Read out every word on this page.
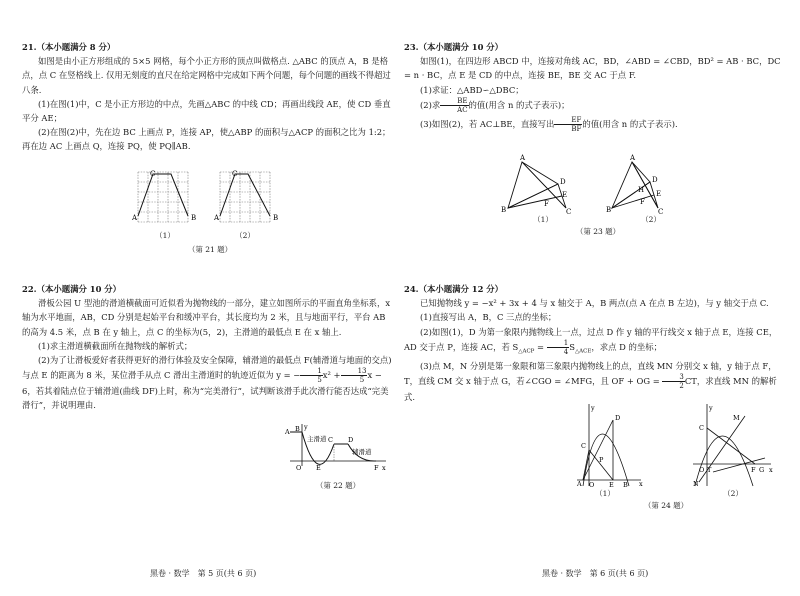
21.（本小题满分 8 分）

如图是由小正方形组成的 5×5 网格，每个小正方形的顶点叫做格点. △ABC 的顶点 A，B 是格点，点 C 在竖格线上. 仅用无刻度的直尺在给定网格中完成如下两个问题，每个问题的画线不得超过八条.

(1)在图(1)中，C 是小正方形边的中点，先画△ABC 的中线 CD；再画出线段 AE，使 CD 垂直平分 AE；

(2)在图(2)中，先在边 BC 上画点 P，连接 AP，使△ABP 的面积与△ACP 的面积之比为 1:2；再在边 AC 上画点 Q，连接 PQ，使 PQ∥AB.

A
C
B	A
C
B
（1）	（2）
（第 21 题）

22.（本小题满分 10 分）

滑板公园 U 型池的滑道横截面可近似看为抛物线的一部分，建立如图所示的平面直角坐标系，x 轴为水平地面，AB，CD 分别是起始平台和缓冲平台，其长度均为 2 米，且与地面平行，平台 AB 的高为 4.5 米，点 B 在 y 轴上，点 C 的坐标为(5，2)，主滑道的最低点 E 在 x 轴上.

(1)求主滑道横截面所在抛物线的解析式；

(2)为了让滑板爱好者获得更好的滑行体验及安全保障，辅滑道的最低点 F(辅滑道与地面的交点)与点 E 的距离为 8 米，某位滑手从点 C 滑出主滑道时的轨迹近似为 y = − $\frac{1}{5} x^2 + \frac{13}{5}$ x − 6，若其着陆点位于辅滑道(曲线 DF)上时，称为“完美滑行”，试判断该滑手此次滑行能否达成“完美滑行”，并说明理由.

A B
C D
E	F
O	x
y
主滑道
辅滑道
（第 22 题）
黑卷 · 数学　第 5 页(共 6 页)

23.（本小题满分 10 分）

如图(1)，在四边形 ABCD 中，连接对角线 AC，BD，∠ABD = ∠CBD，BD² = AB · BC，DC = n · BC，点 E 是 CD 的中点，连接 BE，BE 交 AC 于点 F.

(1)求证：△ABD∽△DBC；

(2)求 $\frac{BE}{AC}$ 的值(用含 n 的式子表示)；

(3)如图(2)，若 AC⊥BE，直接写出 $\frac{EF}{BF}$ 的值(用含 n 的式子表示).

A
B	C
D
E
F
A
B	C
D
E
F
H
（1）	（2）
（第 23 题）

24.（本小题满分 12 分）

已知抛物线 y = −x² + 3x + 4 与 x 轴交于 A，B 两点(点 A 在点 B 左边)，与 y 轴交于点 C.

(1)直接写出 A，B，C 三点的坐标；

(2)如图(1)，D 为第一象限内抛物线上一点，过点 D 作 y 轴的平行线交 x 轴于点 E，连接 CE，AD 交于点 P，连接 AC，若 $S_{\triangle ACP} = \frac{1}{4} S_{\triangle ACE}$，求点 D 的坐标；

(3)点 M，N 分别是第一象限和第三象限内抛物线上的点，直线 MN 分别交 x 轴，y 轴于点 F，T，直线 CM 交 x 轴于点 G，若∠CGO = ∠MFG，且 OF + OG = $\frac{3}{2}$ CT，求直线 MN 的解析式.

y
x
A O
C
D
E B
P
y
x
C
M
T
O
N
F G
（1）	（2）
（第 24 题）
黑卷 · 数学　第 6 页(共 6 页)
